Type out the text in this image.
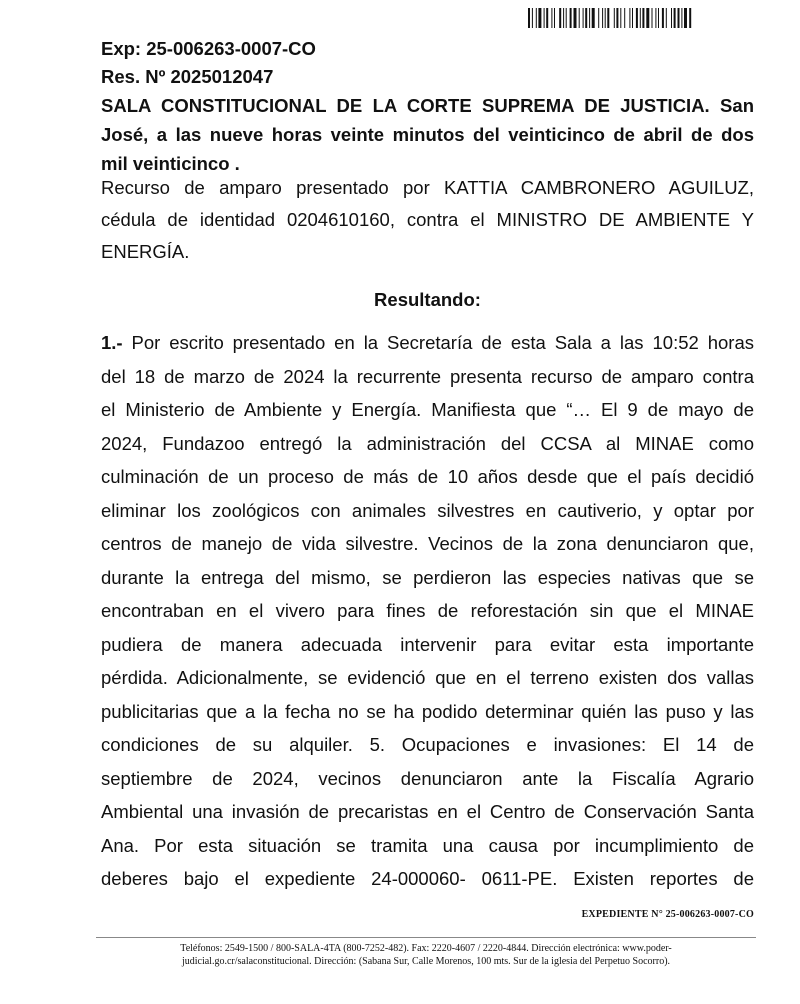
Exp: 25-006263-0007-CO
Res. Nº 2025012047
SALA CONSTITUCIONAL DE LA CORTE SUPREMA DE JUSTICIA. San
José, a las nueve horas veinte minutos del veinticinco de abril de dos
mil veinticinco .
Recurso de amparo presentado por KATTIA CAMBRONERO AGUILUZ,
cédula de identidad 0204610160, contra el MINISTRO DE AMBIENTE Y
ENERGÍA.
Resultando:
1.- Por escrito presentado en la Secretaría de esta Sala a las 10:52 horas
del 18 de marzo de 2024 la recurrente presenta recurso de amparo contra
el Ministerio de Ambiente y Energía. Manifiesta que “… El 9 de mayo de
2024, Fundazoo entregó la administración del CCSA al MINAE como
culminación de un proceso de más de 10 años desde que el país decidió
eliminar los zoológicos con animales silvestres en cautiverio, y optar por
centros de manejo de vida silvestre. Vecinos de la zona denunciaron que,
durante la entrega del mismo, se perdieron las especies nativas que se
encontraban en el vivero para fines de reforestación sin que el MINAE
pudiera de manera adecuada intervenir para evitar esta importante
pérdida. Adicionalmente, se evidenció que en el terreno existen dos vallas
publicitarias que a la fecha no se ha podido determinar quién las puso y las
condiciones de su alquiler. 5. Ocupaciones e invasiones: El 14 de
septiembre de 2024, vecinos denunciaron ante la Fiscalía Agrario
Ambiental una invasión de precaristas en el Centro de Conservación Santa
Ana. Por esta situación se tramita una causa por incumplimiento de
deberes bajo el expediente 24-000060- 0611-PE. Existen reportes de
EXPEDIENTE N° 25-006263-0007-CO
Teléfonos: 2549-1500 / 800-SALA-4TA (800-7252-482). Fax: 2220-4607 / 2220-4844. Dirección electrónica: www.poder-
judicial.go.cr/salaconstitucional. Dirección: (Sabana Sur, Calle Morenos, 100 mts. Sur de la iglesia del Perpetuo Socorro).
